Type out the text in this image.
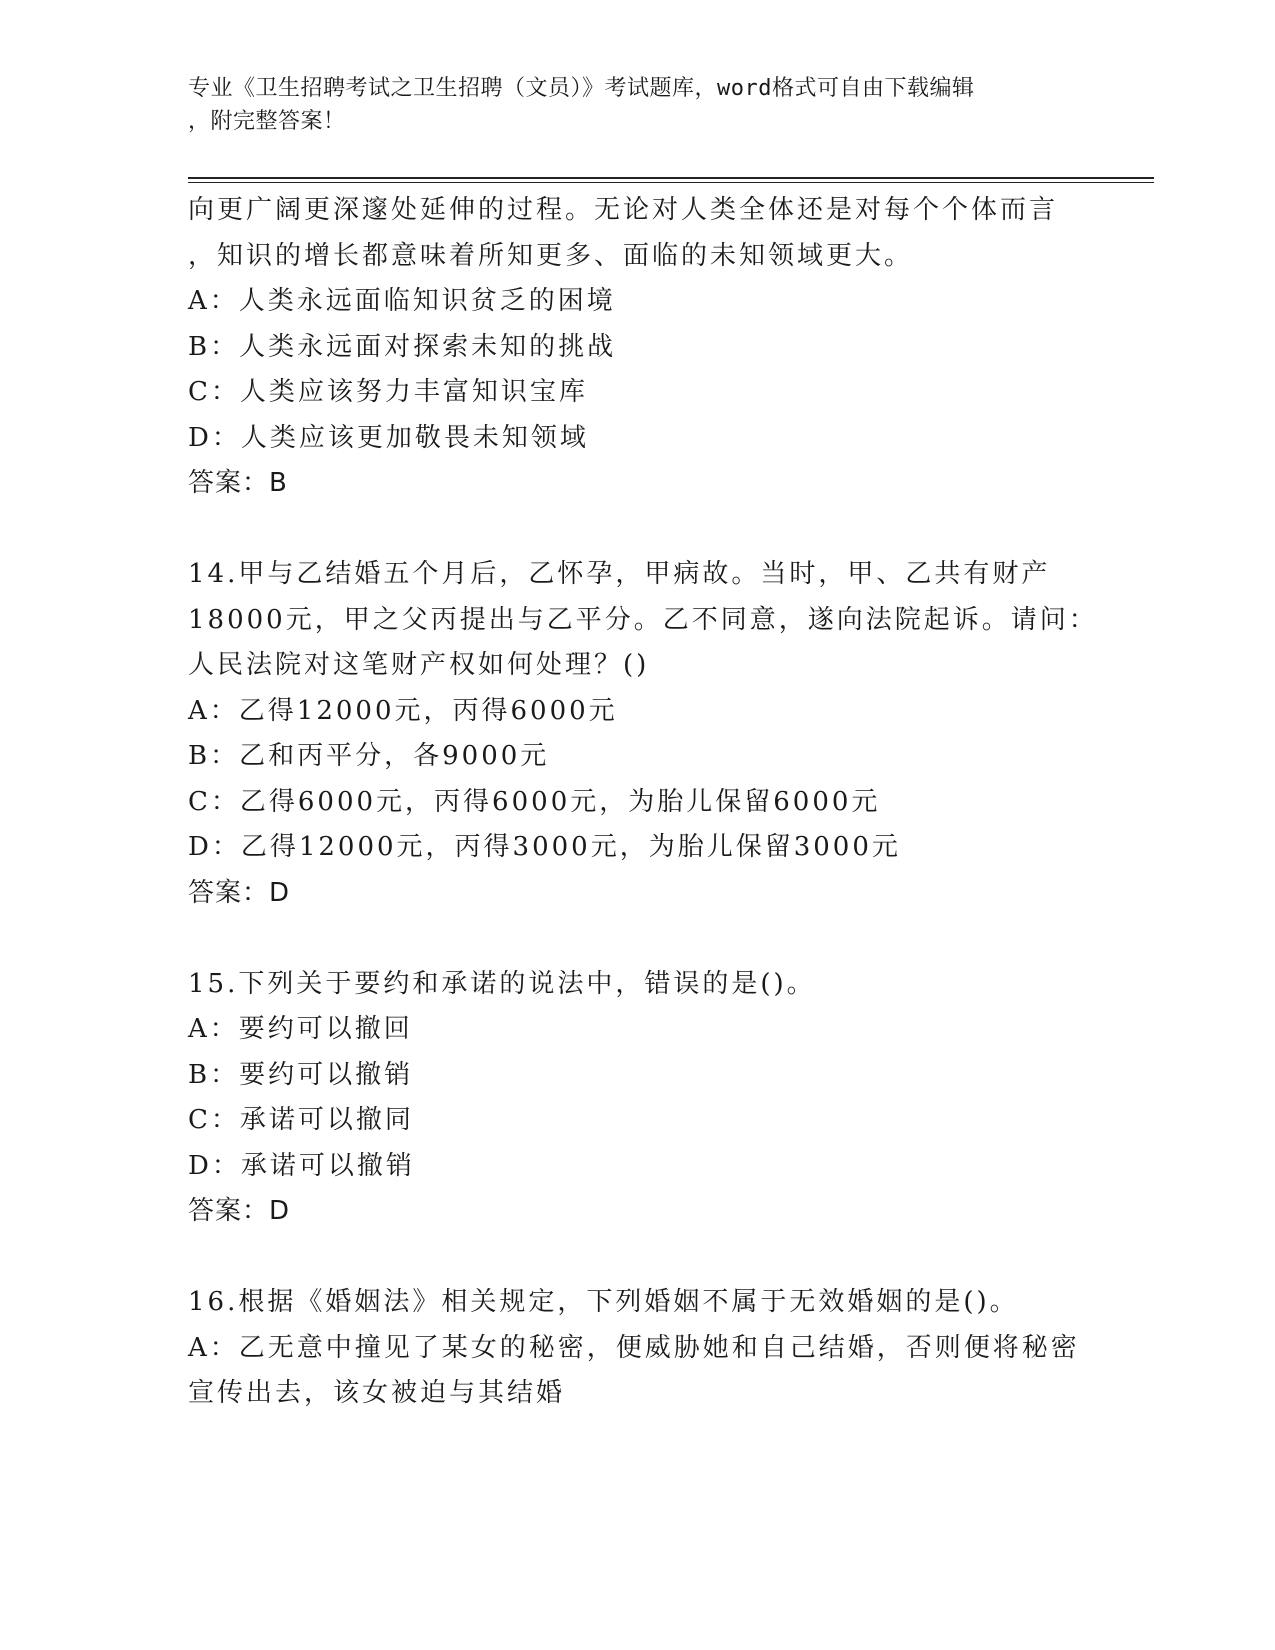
专业《卫生招聘考试之卫生招聘（文员）》考试题库，word格式可自由下载编辑
，附完整答案！
向更广阔更深邃处延伸的过程。无论对人类全体还是对每个个体而言
，知识的增长都意味着所知更多、面临的未知领域更大。
A：人类永远面临知识贫乏的困境
B：人类永远面对探索未知的挑战
C：人类应该努力丰富知识宝库
D：人类应该更加敬畏未知领域
答案：B
14.甲与乙结婚五个月后，乙怀孕，甲病故。当时，甲、乙共有财产
18000元，甲之父丙提出与乙平分。乙不同意，遂向法院起诉。请问：
人民法院对这笔财产权如何处理？()
A：乙得12000元，丙得6000元
B：乙和丙平分，各9000元
C：乙得6000元，丙得6000元，为胎儿保留6000元
D：乙得12000元，丙得3000元，为胎儿保留3000元
答案：D
15.下列关于要约和承诺的说法中，错误的是()。
A：要约可以撤回
B：要约可以撤销
C：承诺可以撤同
D：承诺可以撤销
答案：D
16.根据《婚姻法》相关规定，下列婚姻不属于无效婚姻的是()。
A：乙无意中撞见了某女的秘密，便威胁她和自己结婚，否则便将秘密
宣传出去，该女被迫与其结婚
